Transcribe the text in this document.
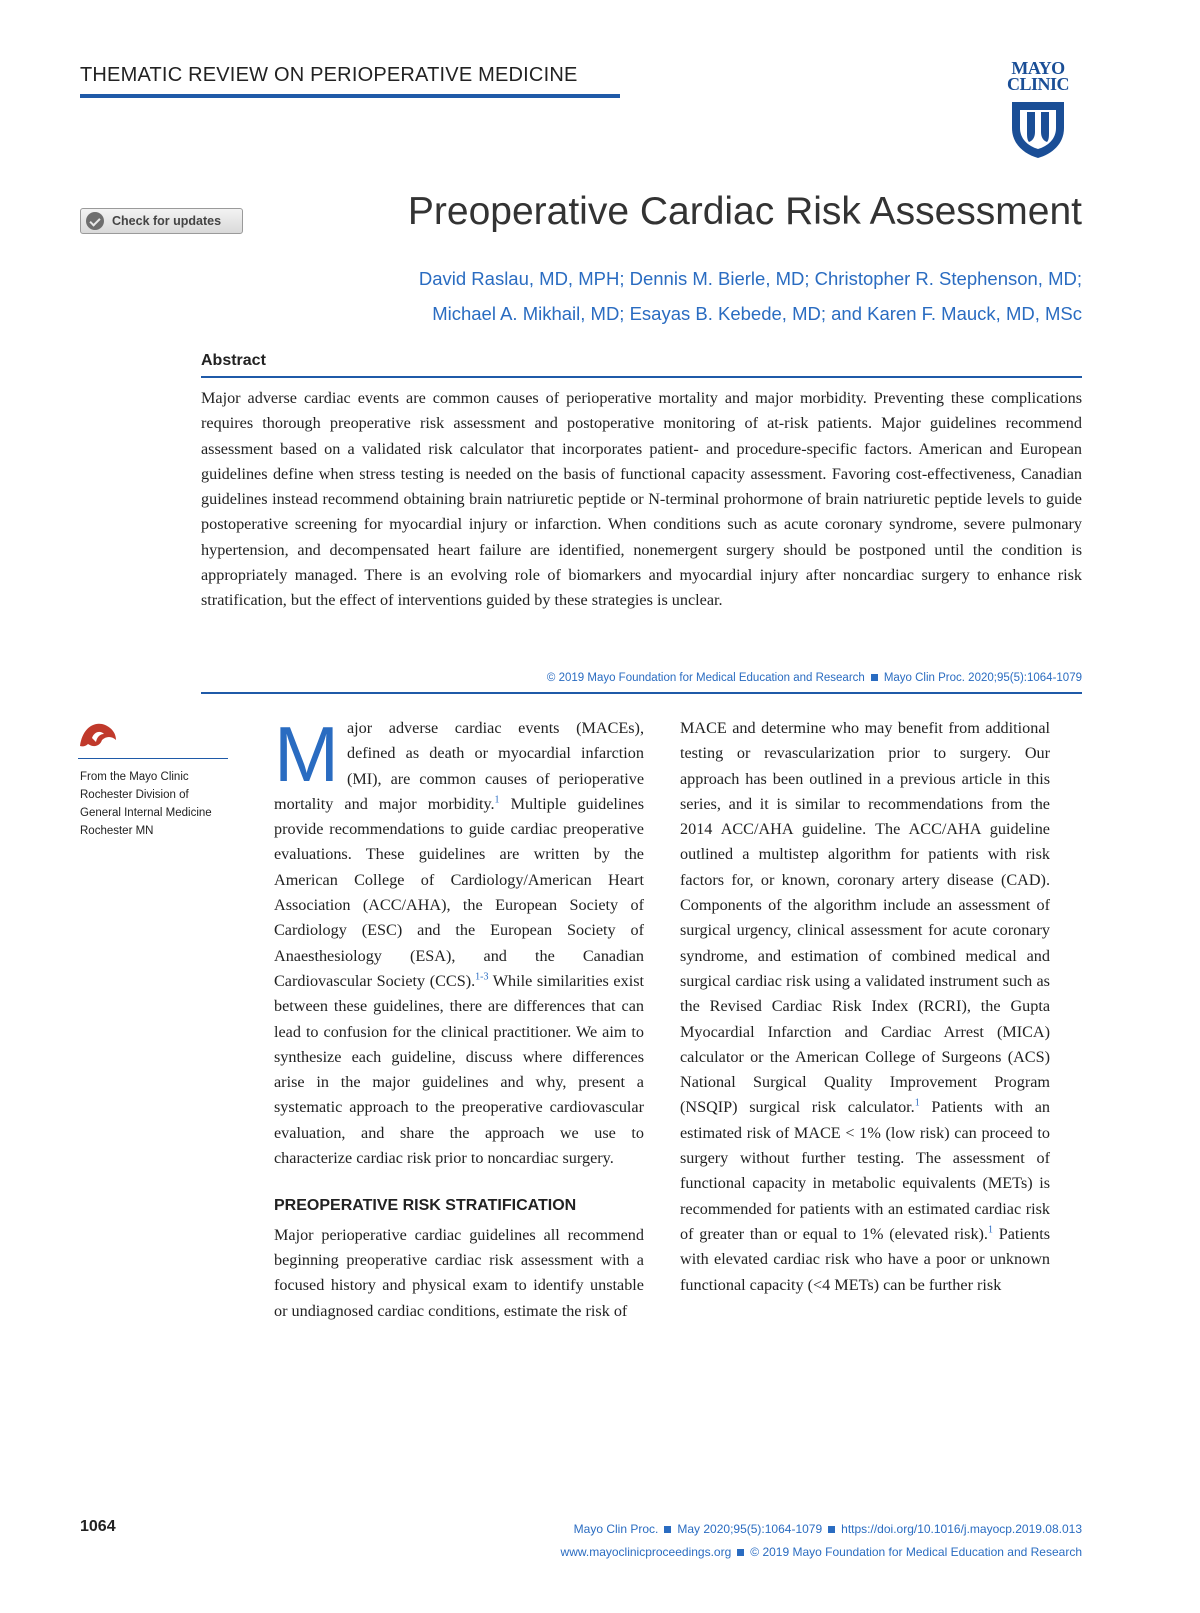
THEMATIC REVIEW ON PERIOPERATIVE MEDICINE	MAYO
CLINIC
Check for updates	Preoperative Cardiac Risk Assessment
David Raslau, MD, MPH; Dennis M. Bierle, MD; Christopher R. Stephenson, MD;
Michael A. Mikhail, MD; Esayas B. Kebede, MD; and Karen F. Mauck, MD, MSc
Abstract

Major adverse cardiac events are common causes of perioperative mortality and major morbidity. Preventing these complications requires thorough preoperative risk assessment and postoperative monitoring of at-risk patients. Major guidelines recommend assessment based on a validated risk calculator that incorporates patient- and procedure-specific factors. American and European guidelines define when stress testing is needed on the basis of functional capacity assessment. Favoring cost-effectiveness, Canadian guidelines instead recommend obtaining brain natriuretic peptide or N-terminal prohormone of brain natriuretic peptide levels to guide postoperative screening for myocardial injury or infarction. When conditions such as acute coronary syndrome, severe pulmonary hypertension, and decompensated heart failure are identified, nonemergent surgery should be postponed until the condition is appropriately managed. There is an evolving role of biomarkers and myocardial injury after noncardiac surgery to enhance risk stratification, but the effect of interventions guided by these strategies is unclear.

© 2019 Mayo Foundation for Medical Education and Research Mayo Clin Proc. 2020;95(5):1064-1079
From the Mayo Clinic Rochester Division of General Internal Medicine Rochester MN

Major adverse cardiac events (MACEs), defined as death or myocardial infarction (MI), are common causes of perioperative mortality and major morbidity.$^1$ Multiple guidelines provide recommendations to guide cardiac preoperative evaluations. These guidelines are written by the American College of Cardiology/American Heart Association (ACC/AHA), the European Society of Cardiology (ESC) and the European Society of Anaesthesiology (ESA), and the Canadian Cardiovascular Society (CCS).$^{1-3}$ While similarities exist between these guidelines, there are differences that can lead to confusion for the clinical practitioner. We aim to synthesize each guideline, discuss where differences arise in the major guidelines and why, present a systematic approach to the preoperative cardiovascular evaluation, and share the approach we use to characterize cardiac risk prior to noncardiac surgery.

PREOPERATIVE RISK STRATIFICATION

Major perioperative cardiac guidelines all recommend beginning preoperative cardiac risk assessment with a focused history and physical exam to identify unstable or undiagnosed cardiac conditions, estimate the risk of

MACE and determine who may benefit from additional testing or revascularization prior to surgery. Our approach has been outlined in a previous article in this series, and it is similar to recommendations from the 2014 ACC/AHA guideline. The ACC/AHA guideline outlined a multistep algorithm for patients with risk factors for, or known, coronary artery disease (CAD). Components of the algorithm include an assessment of surgical urgency, clinical assessment for acute coronary syndrome, and estimation of combined medical and surgical cardiac risk using a validated instrument such as the Revised Cardiac Risk Index (RCRI), the Gupta Myocardial Infarction and Cardiac Arrest (MICA) calculator or the American College of Surgeons (ACS) National Surgical Quality Improvement Program (NSQIP) surgical risk calculator.$^1$ Patients with an estimated risk of MACE < 1% (low risk) can proceed to surgery without further testing. The assessment of functional capacity in metabolic equivalents (METs) is recommended for patients with an estimated cardiac risk of greater than or equal to 1% (elevated risk).$^1$ Patients with elevated cardiac risk who have a poor or unknown functional capacity (<4 METs) can be further risk

1064	Mayo Clin Proc. May 2020;95(5):1064-1079 https://doi.org/10.1016/j.mayocp.2019.08.013
www.mayoclinicproceedings.org © 2019 Mayo Foundation for Medical Education and Research
